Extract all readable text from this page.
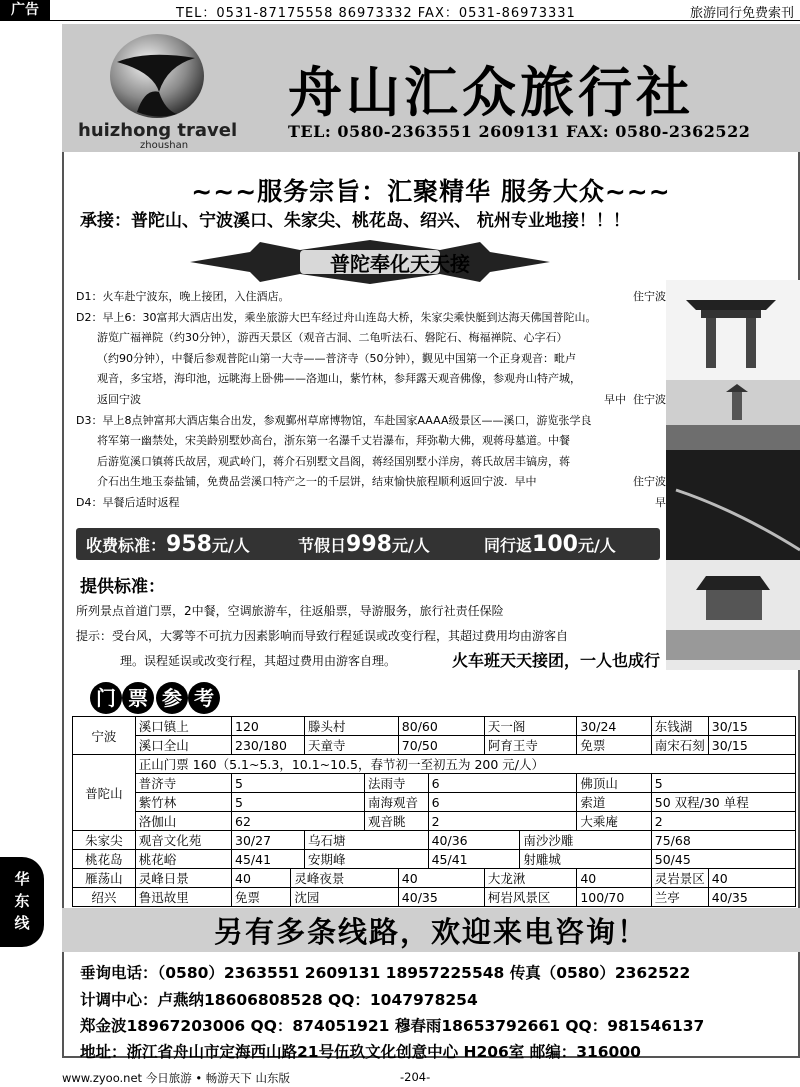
广告	TEL：0531-87175558 86973332 FAX：0531-86973331	旅游同行免费索刊
huizhong travel
zhoushan
舟山汇众旅行社
TEL: 0580-2363551 2609131 FAX: 0580-2362522
~~~服务宗旨：汇聚精华 服务大众~~~
承接：普陀山、宁波溪口、朱家尖、桃花岛、绍兴、 杭州专业地接！！！
普陀奉化天天接
D1：火车赴宁波东，晚上接团，入住酒店。	住宁波
D2：早上6：30富邦大酒店出发，乘坐旅游大巴车经过舟山连岛大桥，朱家尖乘快艇到达海天佛国普陀山。
游览广福禅院（约30分钟），游西天景区（观音古洞、二龟听法石、磐陀石、梅福禅院、心字石）
（约90分钟），中餐后参观普陀山第一大寺——普济寺（50分钟），觐见中国第一个正身观音：毗卢
观音，多宝塔，海印池，远眺海上卧佛——洛迦山，紫竹林，参拜露天观音佛像，参观舟山特产城，
返回宁波	早中  住宁波
D3：早上8点钟富邦大酒店集合出发，参观鄞州草席博物馆，车赴国家AAAA级景区——溪口，游览张学良
将军第一幽禁处，宋美龄别墅妙高台，浙东第一名瀑千丈岩瀑布，拜弥勒大佛，观蒋母墓道。中餐
后游览溪口镇蒋氏故居，观武岭门，蒋介石别墅文昌阁，蒋经国别墅小洋房，蒋氏故居丰镐房，蒋
介石出生地玉泰盐铺，免费品尝溪口特产之一的千层饼，结束愉快旅程顺利返回宁波.  早中	住宁波
D4：早餐后适时返程	早
收费标准：958元/人	节假日998元/人	同行返100元/人
提供标准：
所列景点首道门票，2中餐，空调旅游车，往返船票，导游服务，旅行社责任保险
提示：受台风，大雾等不可抗力因素影响而导致行程延误或改变行程，其超过费用均由游客自
理。误程延误或改变行程，其超过费用由游客自理。	火车班天天接团，一人也成行
门 票 参 考
宁波	溪口镇上	120		滕头村		80/60		天一阁		30/24	东钱湖	30/15
	溪口全山	230/180		天童寺		70/50		阿育王寺		免票	南宋石刻	30/15
普陀山	正山门票 160（5.1~5.3，10.1~10.5，春节初一至初五为 200 元/人）											
	普济寺	5			法雨寺		6			佛顶山	5	
	紫竹林	5			南海观音		6			索道	50 双程/30 单程	
	洛伽山	62			观音眺		2			大乘庵	2	
朱家尖	观音文化苑	30/27		乌石塘			40/36		南沙沙雕		75/68	
桃花岛	桃花峪	45/41		安期峰			45/41		射雕城		50/45	
雁荡山	灵峰日景	40	灵峰夜景			40		大龙湫		40	灵岩景区	40
绍兴	鲁迅故里	免票	沈园			40/35		柯岩风景区		100/70	兰亭	40/35
另有多条线路，欢迎来电咨询！
垂询电话：（0580）2363551 2609131 18957225548 传真（0580）2362522
计调中心：卢燕纳18606808528 QQ：1047978254
郑金波18967203006 QQ：874051921 穆春雨18653792661 QQ：981546137
地址：浙江省舟山市定海西山路21号伍玖文化创意中心 H206室 邮编：316000
华东线
www.zyoo.net 今日旅游 • 畅游天下 山东版	-204-
